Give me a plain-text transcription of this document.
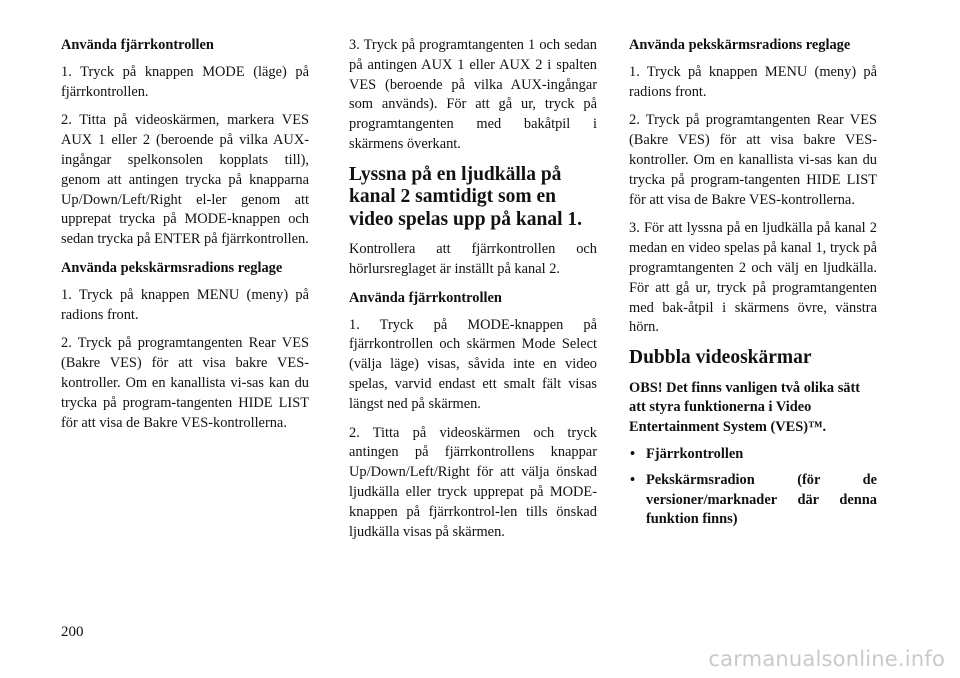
Använda fjärrkontrollen

1. Tryck på knappen MODE (läge) på fjärrkontrollen.

2. Titta på videoskärmen, markera VES AUX 1 eller 2 (beroende på vilka AUX-ingångar spelkonsolen kopplats till), genom att antingen trycka på knapparna Up/Down/Left/Right el-ler genom att upprepat trycka på MODE-knappen och sedan trycka på ENTER på fjärrkontrollen.

Använda pekskärmsradions reglage

1. Tryck på knappen MENU (meny) på radions front.

2. Tryck på programtangenten Rear VES (Bakre VES) för att visa bakre VES-kontroller. Om en kanallista vi-sas kan du trycka på program-tangenten HIDE LIST för att visa de Bakre VES-kontrollerna.

3. Tryck på programtangenten 1 och sedan på antingen AUX 1 eller AUX 2 i spalten VES (beroende på vilka AUX-ingångar som används). För att gå ur, tryck på programtangenten med bakåtpil i skärmens överkant.

Lyssna på en ljudkälla på kanal 2 samtidigt som en video spelas upp på kanal 1.

Kontrollera att fjärrkontrollen och hörlursreglaget är inställt på kanal 2.

Använda fjärrkontrollen

1. Tryck på MODE-knappen på fjärrkontrollen och skärmen Mode Select (välja läge) visas, såvida inte en video spelas, varvid endast ett smalt fält visas längst ned på skärmen.

2. Titta på videoskärmen och tryck antingen på fjärrkontrollens knappar Up/Down/Left/Right för att välja önskad ljudkälla eller tryck upprepat på MODE-knappen på fjärrkontrol-len tills önskad ljudkälla visas på skärmen.

Använda pekskärmsradions reglage

1. Tryck på knappen MENU (meny) på radions front.

2. Tryck på programtangenten Rear VES (Bakre VES) för att visa bakre VES-kontroller. Om en kanallista vi-sas kan du trycka på program-tangenten HIDE LIST för att visa de Bakre VES-kontrollerna.

3. För att lyssna på en ljudkälla på kanal 2 medan en video spelas på kanal 1, tryck på programtangenten 2 och välj en ljudkälla. För att gå ur, tryck på programtangenten med bak-åtpil i skärmens övre, vänstra hörn.

Dubbla videoskärmar

OBS! Det finns vanligen två olika sätt att styra funktionerna i Video Entertainment System (VES)™.

• Fjärrkontrollen
• Pekskärmsradion (för de versioner/marknader där denna funktion finns)
200
carmanualsonline.info
